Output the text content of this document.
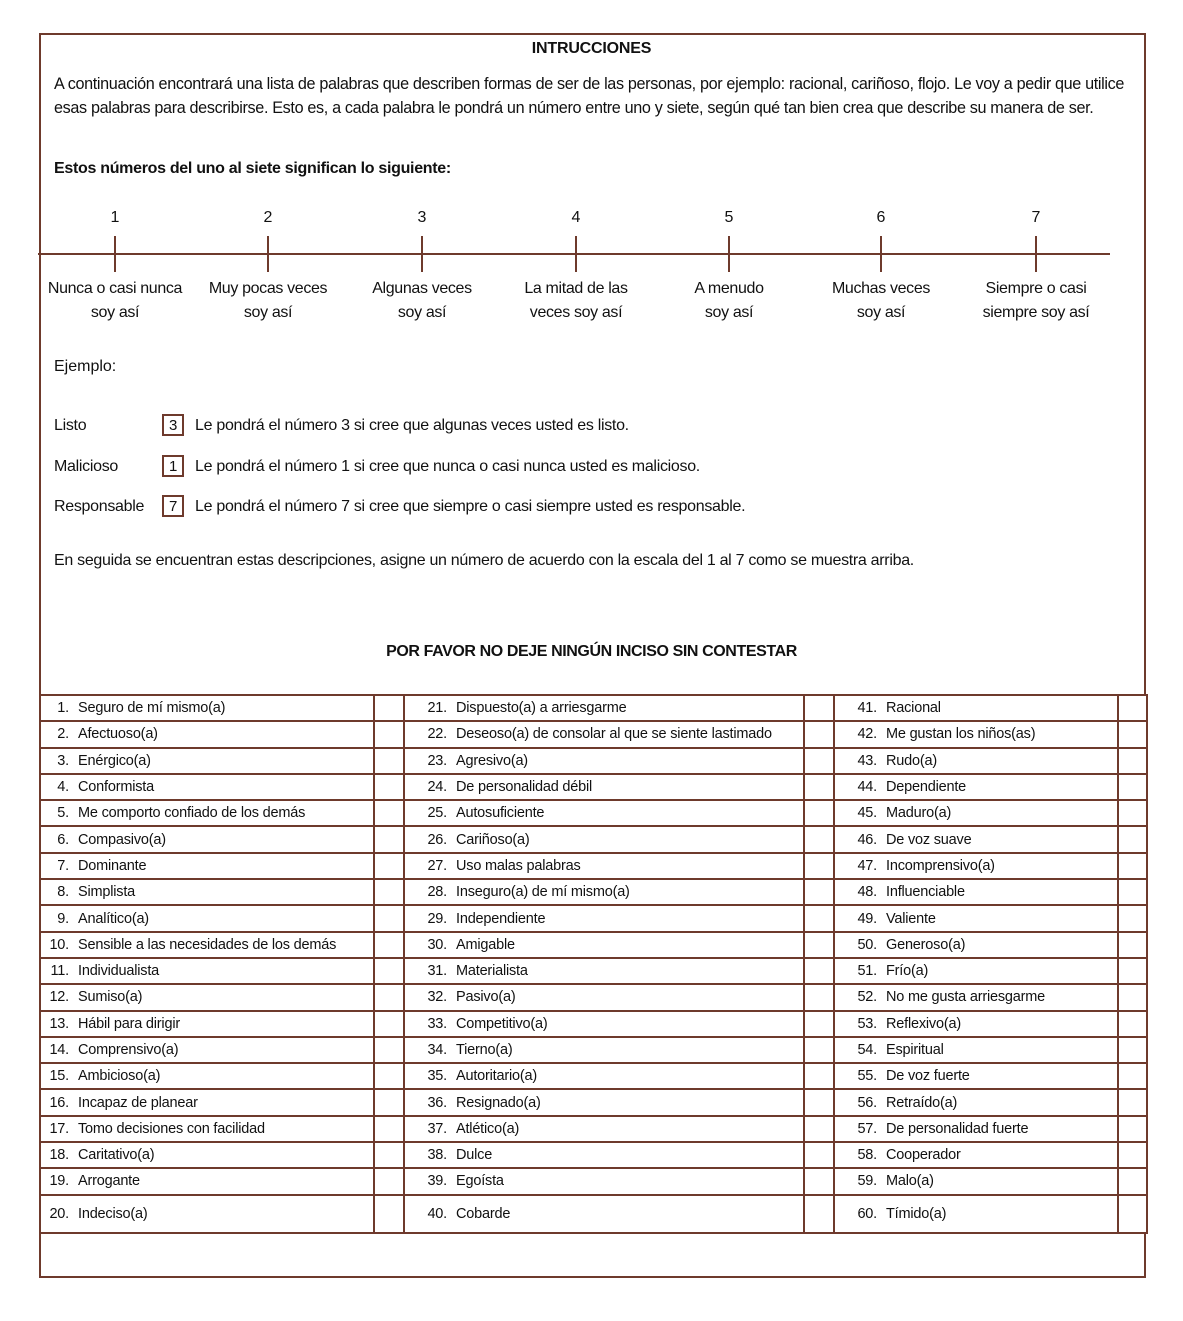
INTRUCCIONES
A continuación encontrará una lista de palabras que describen formas de ser de las personas, por ejemplo: racional, cariñoso, flojo. Le voy a pedir que utilice esas palabras para describirse. Esto es, a cada palabra le pondrá un número entre uno y siete, según qué tan bien crea que describe su manera de ser.
Estos números del uno al siete significan lo siguiente:
1
Nunca o casi nunca
soy así
2
Muy pocas veces
soy así
3
Algunas veces
soy así
4
La mitad de las
veces soy así
5
A menudo
soy así
6
Muchas veces
soy así
7
Siempre o casi
siempre soy así
Ejemplo:
Listo	3	Le pondrá el número 3 si cree que algunas veces usted es listo.
Malicioso	1	Le pondrá el número 1 si cree que nunca o casi nunca usted es malicioso.
Responsable	7	Le pondrá el número 7 si cree que siempre o casi siempre usted es responsable.
En seguida se encuentran estas descripciones, asigne un número de acuerdo con la escala del 1 al 7 como se muestra arriba.
POR FAVOR NO DEJE NINGÚN INCISO SIN CONTESTAR
1. Seguro de mí mismo(a)		21. Dispuesto(a) a arriesgarme		41. Racional	
2. Afectuoso(a)		22. Deseoso(a) de consolar al que se siente lastimado		42. Me gustan los niños(as)	
3. Enérgico(a)		23. Agresivo(a)		43. Rudo(a)	
4. Conformista		24. De personalidad débil		44. Dependiente	
5. Me comporto confiado de los demás		25. Autosuficiente		45. Maduro(a)	
6. Compasivo(a)		26. Cariñoso(a)		46. De voz suave	
7. Dominante		27. Uso malas palabras		47. Incomprensivo(a)	
8. Simplista		28. Inseguro(a) de mí mismo(a)		48. Influenciable	
9. Analítico(a)		29. Independiente		49. Valiente	
10. Sensible a las necesidades de los demás		30. Amigable		50. Generoso(a)	
11. Individualista		31. Materialista		51. Frío(a)	
12. Sumiso(a)		32. Pasivo(a)		52. No me gusta arriesgarme	
13. Hábil para dirigir		33. Competitivo(a)		53. Reflexivo(a)	
14. Comprensivo(a)		34. Tierno(a)		54. Espiritual	
15. Ambicioso(a)		35. Autoritario(a)		55. De voz fuerte	
16. Incapaz de planear		36. Resignado(a)		56. Retraído(a)	
17. Tomo decisiones con facilidad		37. Atlético(a)		57. De personalidad fuerte	
18. Caritativo(a)		38. Dulce		58. Cooperador	
19. Arrogante		39. Egoísta		59. Malo(a)	
20. Indeciso(a)		40. Cobarde		60. Tímido(a)	
